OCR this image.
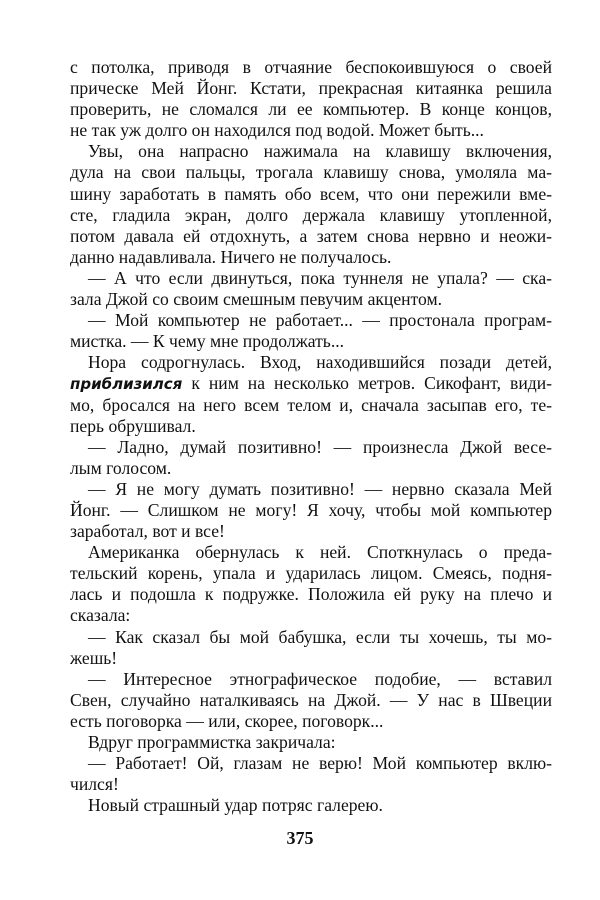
с потолка, приводя в отчаяние беспокоившуюся о своей
прическе Мей Йонг. Кстати, прекрасная китаянка решила
проверить, не сломался ли ее компьютер. В конце концов,
не так уж долго он находился под водой. Может быть...
Увы, она напрасно нажимала на клавишу включения,
дула на свои пальцы, трогала клавишу снова, умоляла ма-
шину заработать в память обо всем, что они пережили вме-
сте, гладила экран, долго держала клавишу утопленной,
потом давала ей отдохнуть, а затем снова нервно и неожи-
данно надавливала. Ничего не получалось.
— А что если двинуться, пока туннеля не упала? — ска-
зала Джой со своим смешным певучим акцентом.
— Мой компьютер не работает... — простонала програм-
мистка. — К чему мне продолжать...
Нора содрогнулась. Вход, находившийся позади детей,
приблизился к ним на несколько метров. Сикофант, види-
мо, бросался на него всем телом и, сначала засыпав его, те-
перь обрушивал.
— Ладно, думай позитивно! — произнесла Джой весе-
лым голосом.
— Я не могу думать позитивно! — нервно сказала Мей
Йонг. — Слишком не могу! Я хочу, чтобы мой компьютер
заработал, вот и все!
Американка обернулась к ней. Споткнулась о преда-
тельский корень, упала и ударилась лицом. Смеясь, подня-
лась и подошла к подружке. Положила ей руку на плечо и
сказала:
— Как сказал бы мой бабушка, если ты хочешь, ты мо-
жешь!
— Интересное этнографическое подобие, — вставил
Свен, случайно наталкиваясь на Джой. — У нас в Швеции
есть поговорка — или, скорее, поговорк...
Вдруг программистка закричала:
— Работает! Ой, глазам не верю! Мой компьютер вклю-
чился!
Новый страшный удар потряс галерею.
375
